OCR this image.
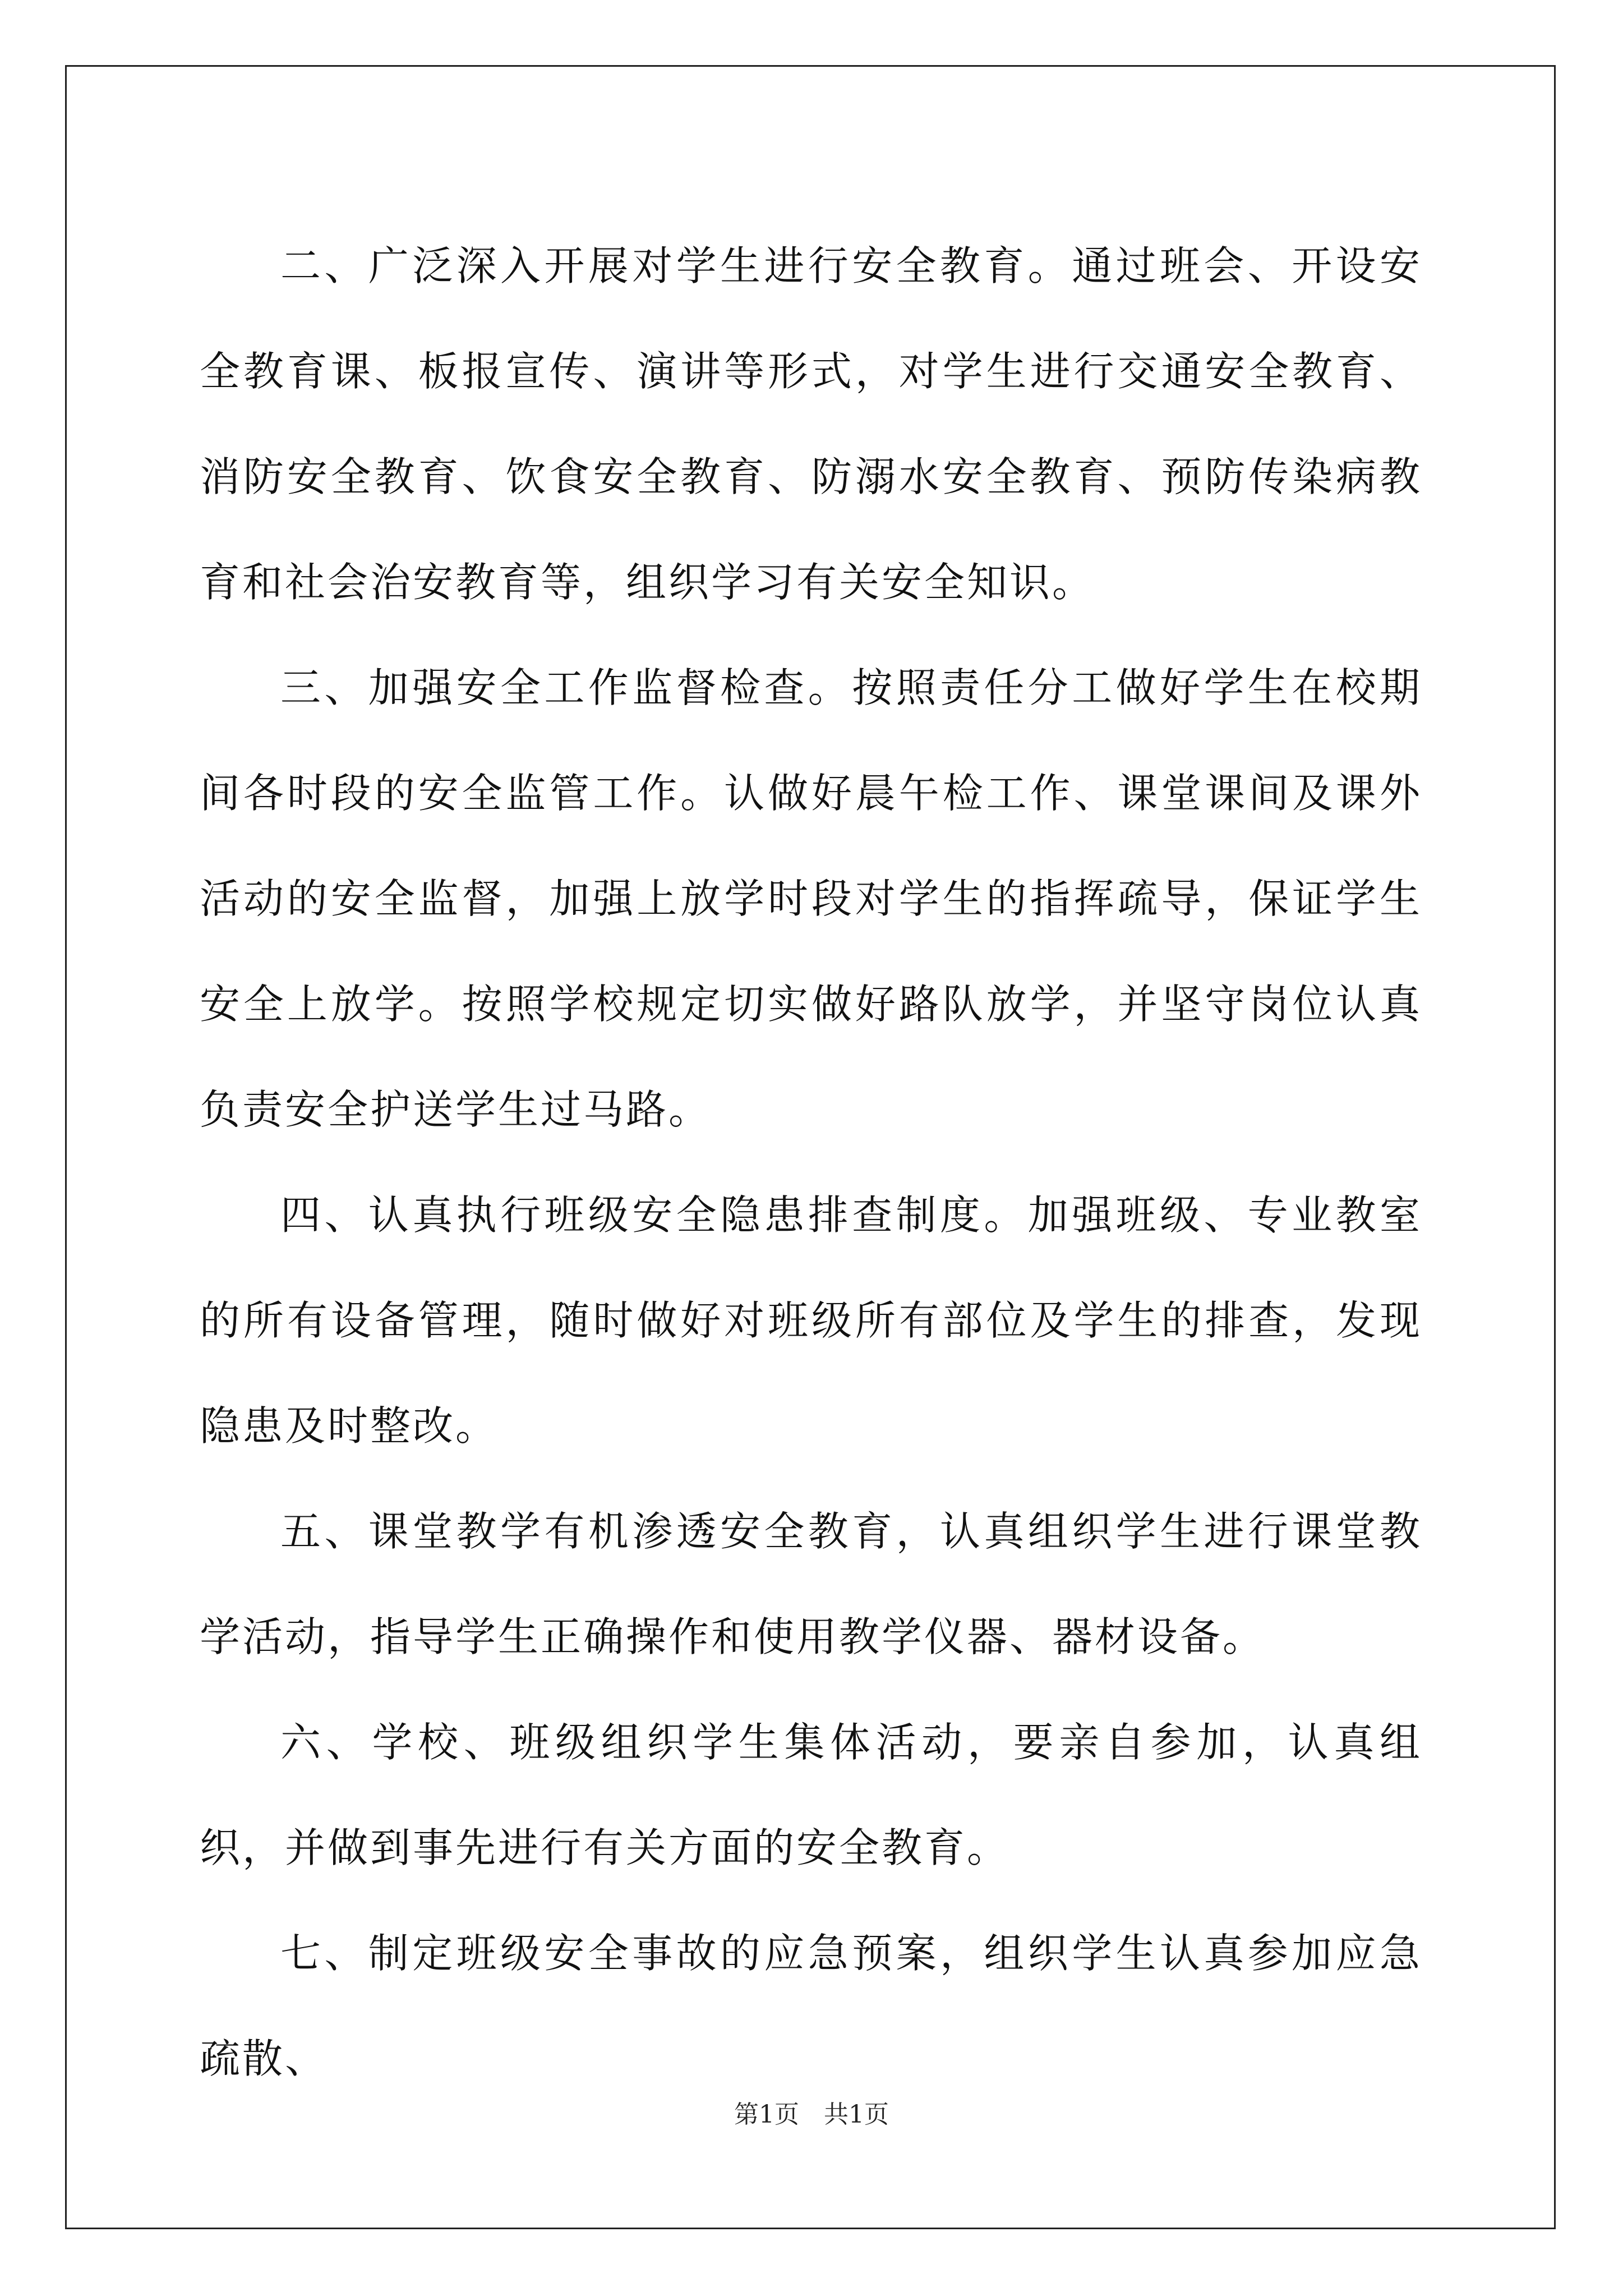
二、广泛深入开展对学生进行安全教育。通过班会、开设安全教育课、板报宣传、演讲等形式，对学生进行交通安全教育、消防安全教育、饮食安全教育、防溺水安全教育、预防传染病教育和社会治安教育等，组织学习有关安全知识。

三、加强安全工作监督检查。按照责任分工做好学生在校期间各时段的安全监管工作。认做好晨午检工作、课堂课间及课外活动的安全监督，加强上放学时段对学生的指挥疏导，保证学生安全上放学。按照学校规定切实做好路队放学，并坚守岗位认真负责安全护送学生过马路。

四、认真执行班级安全隐患排查制度。加强班级、专业教室的所有设备管理，随时做好对班级所有部位及学生的排查，发现隐患及时整改。

五、课堂教学有机渗透安全教育，认真组织学生进行课堂教学活动，指导学生正确操作和使用教学仪器、器材设备。

六、学校、班级组织学生集体活动，要亲自参加，认真组织，并做到事先进行有关方面的安全教育。

七、制定班级安全事故的应急预案，组织学生认真参加应急疏散、

第1页　共1页
